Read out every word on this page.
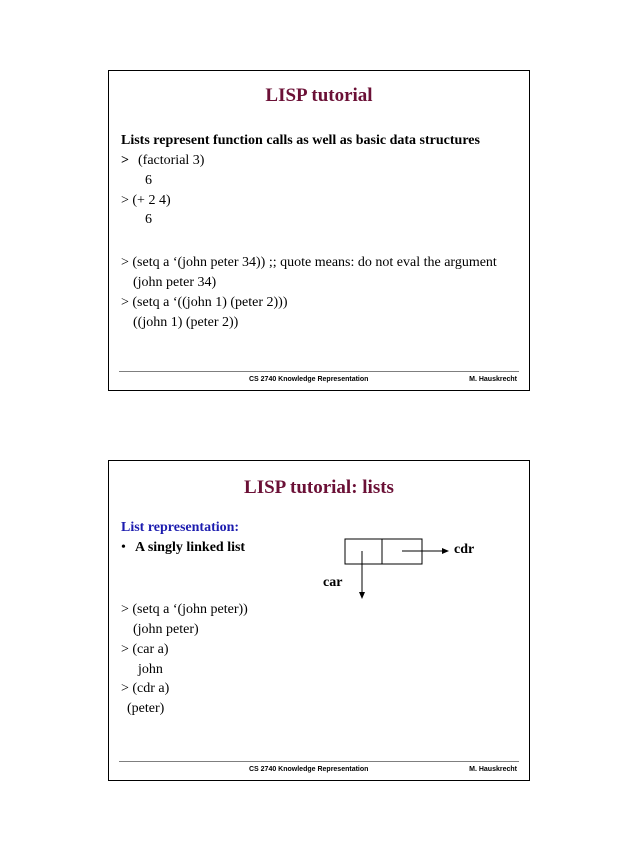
LISP tutorial
Lists represent function calls as well as basic data structures
> (factorial 3)
6
> (+ 2 4)
6
> (setq a ‘(john peter 34)) ;; quote means: do not eval the argument
(john peter 34)
> (setq a ‘((john 1) (peter 2)))
((john 1) (peter 2))
CS 2740 Knowledge Representation	M. Hauskrecht
LISP tutorial: lists
List representation:
• A singly linked list	cdr
car
> (setq a ‘(john peter))
(john peter)
> (car a)
john
> (cdr a)
(peter)
CS 2740 Knowledge Representation	M. Hauskrecht
